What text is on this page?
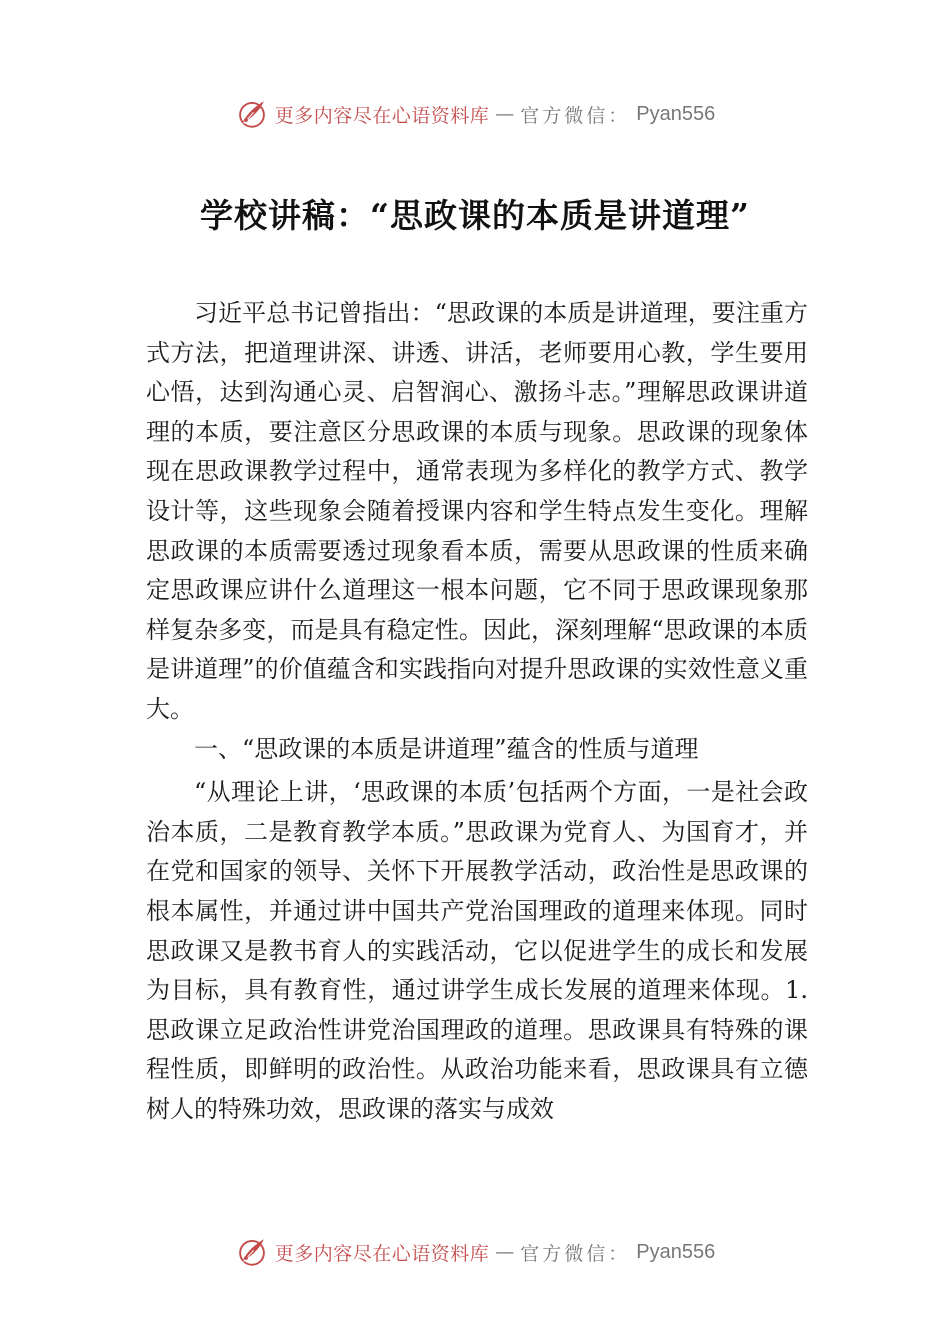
更多内容尽在心语资料库 — 官方微信： Pyan556
学校讲稿：“思政课的本质是讲道理”

习近平总书记曾指出：“思政课的本质是讲道理，要注重方式方法，把道理讲深、讲透、讲活，老师要用心教，学生要用心悟，达到沟通心灵、启智润心、激扬斗志。”理解思政课讲道理的本质，要注意区分思政课的本质与现象。思政课的现象体现在思政课教学过程中，通常表现为多样化的教学方式、教学设计等，这些现象会随着授课内容和学生特点发生变化。理解思政课的本质需要透过现象看本质，需要从思政课的性质来确定思政课应讲什么道理这一根本问题，它不同于思政课现象那样复杂多变，而是具有稳定性。因此，深刻理解“思政课的本质是讲道理”的价值蕴含和实践指向对提升思政课的实效性意义重大。

一、“思政课的本质是讲道理”蕴含的性质与道理

“从理论上讲，‘思政课的本质’包括两个方面，一是社会政治本质，二是教育教学本质。”思政课为党育人、为国育才，并在党和国家的领导、关怀下开展教学活动，政治性是思政课的根本属性，并通过讲中国共产党治国理政的道理来体现。同时思政课又是教书育人的实践活动，它以促进学生的成长和发展为目标，具有教育性，通过讲学生成长发展的道理来体现。1.思政课立足政治性讲党治国理政的道理。思政课具有特殊的课程性质，即鲜明的政治性。从政治功能来看，思政课具有立德树人的特殊功效，思政课的落实与成效

更多内容尽在心语资料库 — 官方微信： Pyan556
